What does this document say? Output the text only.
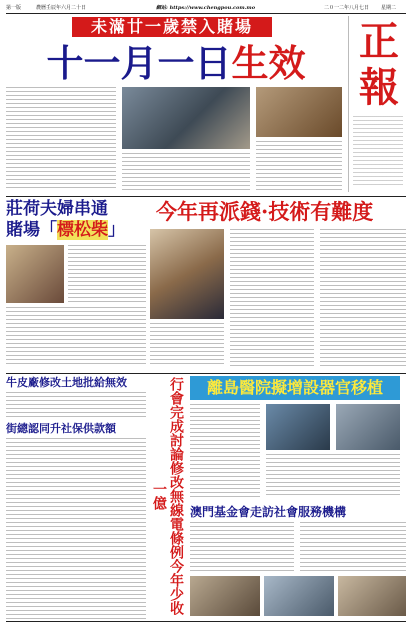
第一版	農曆壬辰年六月二十日	網站: https://www.chengpou.com.mo	二０一二年八月七日 星期二
未滿廿一歲禁入賭場
十一月一日生效	正
報
莊荷夫婦串通
賭場「標松柴」
今年再派錢·技術有難度
牛皮廠修改土地批給無效
街總認同升社保供款額
離島醫院擬增設器官移植
行會完成討論修改無線電條例今年少收一億
澳門基金會走訪社會服務機構
